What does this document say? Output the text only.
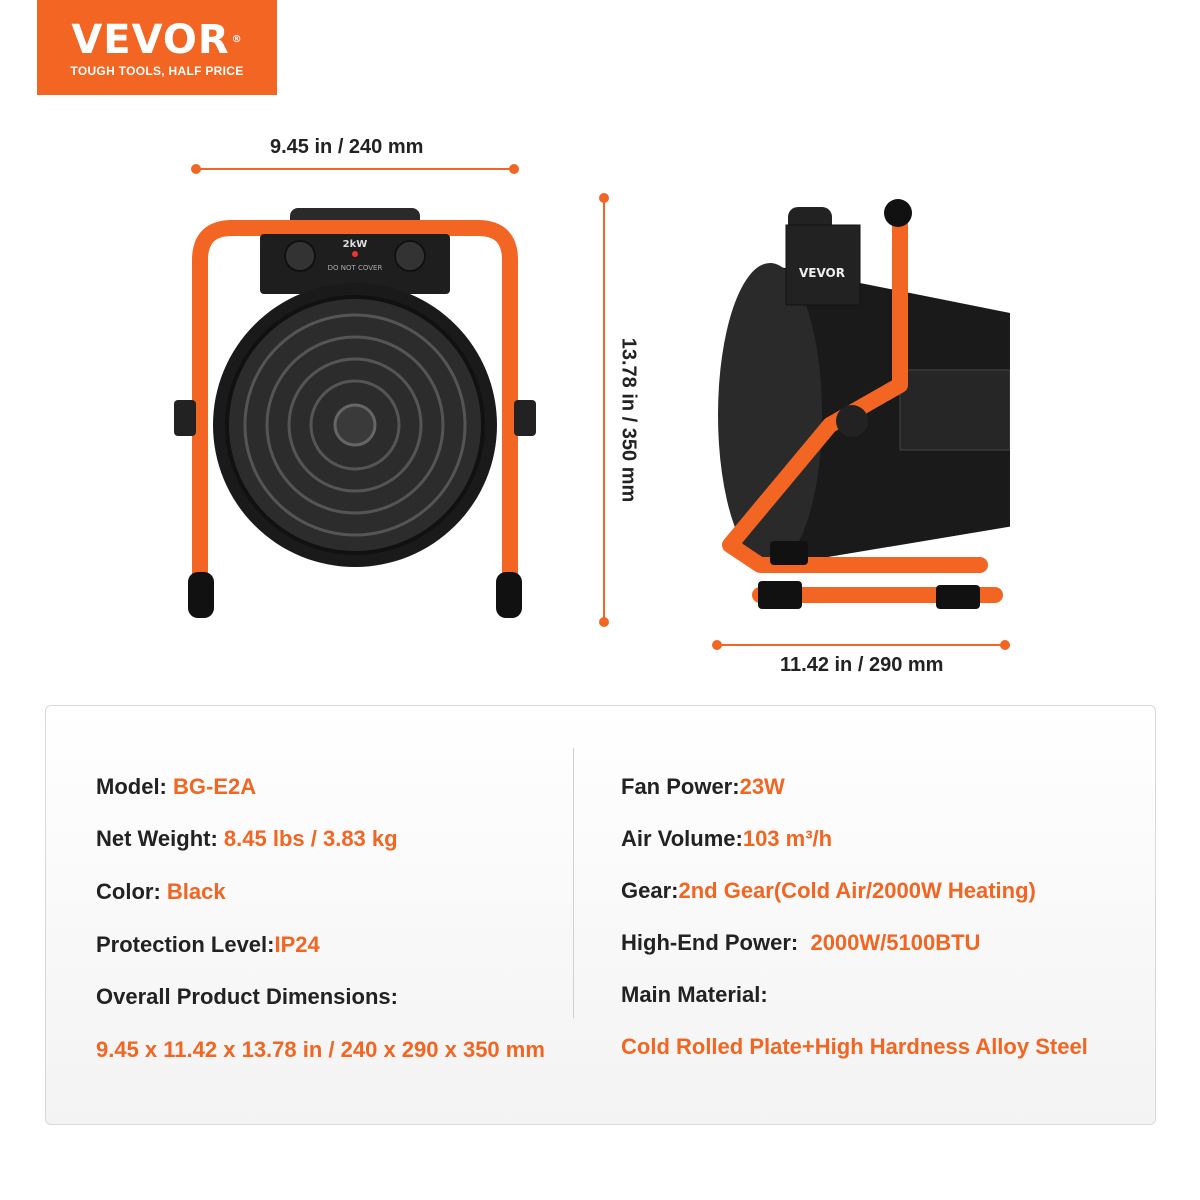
VEVOR ®
TOUGH TOOLS, HALF PRICE
9.45 in / 240 mm
13.78 in / 350 mm
11.42 in / 290 mm
2kW
DO NOT COVER	VEVOR
Model: BG-E2A
Net Weight: 8.45 lbs / 3.83 kg
Color: Black
Protection Level:IP24
Overall Product Dimensions:
9.45 x 11.42 x 13.78 in / 240 x 290 x 350 mm
Fan Power:23W
Air Volume:103 m³/h
Gear:2nd Gear(Cold Air/2000W Heating)
High-End Power:  2000W/5100BTU
Main Material:
Cold Rolled Plate+High Hardness Alloy Steel
